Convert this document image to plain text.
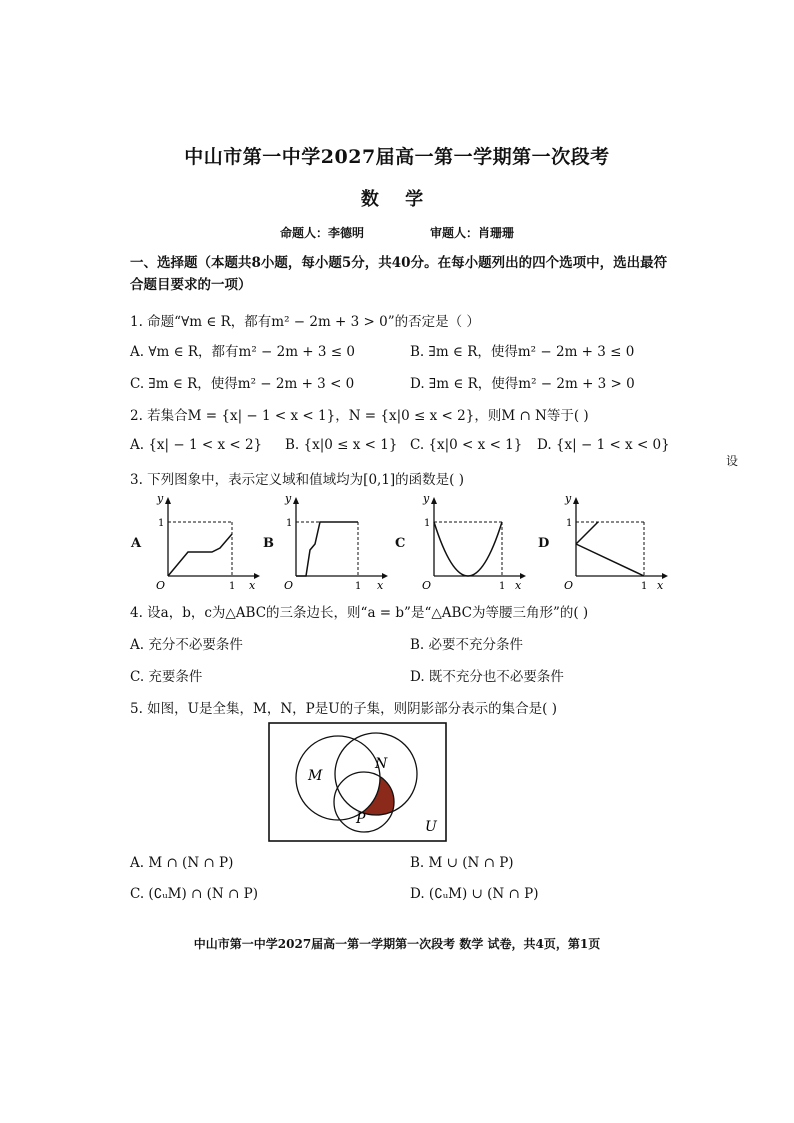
中山市第一中学2027届高一第一学期第一次段考
数 学
命题人：李德明	审题人：肖珊珊
一、选择题（本题共8小题，每小题5分，共40分。在每小题列出的四个选项中，选出最符合题目要求的一项）
1. 命题“∀m ∈ R，都有m² − 2m + 3 > 0”的否定是（ ）
A. ∀m ∈ R，都有m² − 2m + 3 ≤ 0	B. ∃m ∈ R，使得m² − 2m + 3 ≤ 0
C. ∃m ∈ R，使得m² − 2m + 3 < 0	D. ∃m ∈ R，使得m² − 2m + 3 > 0
2. 若集合M = {x| − 1 < x < 1}，N = {x|0 ≤ x < 2}，则M ∩ N等于( )
A. {x| − 1 < x < 2} B. {x|0 ≤ x < 1} C. {x|0 < x < 1} D. {x| − 1 < x < 0}
设
3. 下列图象中，表示定义域和值域均为[0,1]的函数是( )
A
y
1
O	1 x
B
y
1
O	1 x
C
y
1
O	1 x
D
y
1
O	1 x
4. 设a，b，c为△ABC的三条边长，则“a = b”是“△ABC为等腰三角形”的( )
A. 充分不必要条件	B. 必要不充分条件
C. 充要条件	D. 既不充分也不必要条件
5. 如图，U是全集，M，N，P是U的子集，则阴影部分表示的集合是( )
M
N
P	U
A. M ∩ (N ∩ P)	B. M ∪ (N ∩ P)
C. (∁ᵤM) ∩ (N ∩ P)	D. (∁ᵤM) ∪ (N ∩ P)
中山市第一中学2027届高一第一学期第一次段考 数学 试卷，共4页，第1页
